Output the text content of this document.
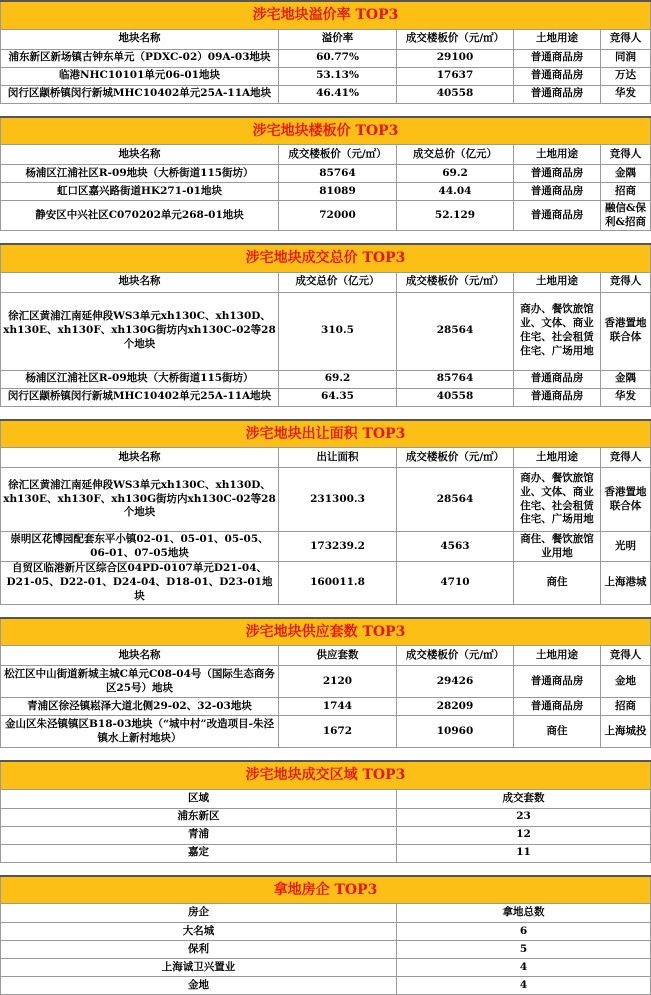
涉宅地块溢价率 TOP3				
地块名称	溢价率	成交楼板价（元/㎡）	土地用途	竞得人
浦东新区新场镇古钟东单元（PDXC-02）09A-03地块	60.77%	29100	普通商品房	同润
临港NHC10101单元06-01地块	53.13%	17637	普通商品房	万达
闵行区颛桥镇闵行新城MHC10402单元25A-11A地块	46.41%	40558	普通商品房	华发
涉宅地块楼板价 TOP3				
地块名称	成交楼板价（元/㎡）	成交总价（亿元）	土地用途	竞得人
杨浦区江浦社区R-09地块（大桥街道115街坊）	85764	69.2	普通商品房	金隅
虹口区嘉兴路街道HK271-01地块	81089	44.04	普通商品房	招商
静安区中兴社区C070202单元268-01地块	72000	52.129	普通商品房	融信&保利&招商
涉宅地块成交总价 TOP3				
地块名称	成交总价（亿元）	成交楼板价（元/㎡）	土地用途	竞得人
徐汇区黄浦江南延伸段WS3单元xh130C、xh130D、xh130E、xh130F、xh130G街坊内xh130C-02等28个地块	310.5	28564	商办、餐饮旅馆业、文体、商业住宅、社会租赁住宅、广场用地	香港置地联合体
杨浦区江浦社区R-09地块（大桥街道115街坊）	69.2	85764	普通商品房	金隅
闵行区颛桥镇闵行新城MHC10402单元25A-11A地块	64.35	40558	普通商品房	华发
涉宅地块出让面积 TOP3				
地块名称	出让面积	成交楼板价（元/㎡）	土地用途	竞得人
徐汇区黄浦江南延伸段WS3单元xh130C、xh130D、xh130E、xh130F、xh130G街坊内xh130C-02等28个地块	231300.3	28564	商办、餐饮旅馆业、文体、商业住宅、社会租赁住宅、广场用地	香港置地联合体
崇明区花博园配套东平小镇02-01、05-01、05-05、06-01、07-05地块	173239.2	4563	商住、餐饮旅馆业用地	光明
自贸区临港新片区综合区04PD-0107单元D21-04、D21-05、D22-01、D24-04、D18-01、D23-01地块	160011.8	4710	商住	上海港城
涉宅地块供应套数 TOP3				
地块名称	供应套数	成交楼板价（元/㎡）	土地用途	竞得人
松江区中山街道新城主城C单元C08-04号（国际生态商务区25号）地块	2120	29426	普通商品房	金地
青浦区徐泾镇崧泽大道北侧29-02、32-03地块	1744	28209	普通商品房	招商
金山区朱泾镇镇区B18-03地块（“城中村”改造项目-朱泾镇水上新村地块）	1672	10960	商住	上海城投
涉宅地块成交区域 TOP3	
区域	成交套数
浦东新区	23
青浦	12
嘉定	11
拿地房企 TOP3	
房企	拿地总数
大名城	6
保利	5
上海诚卫兴置业	4
金地	4
